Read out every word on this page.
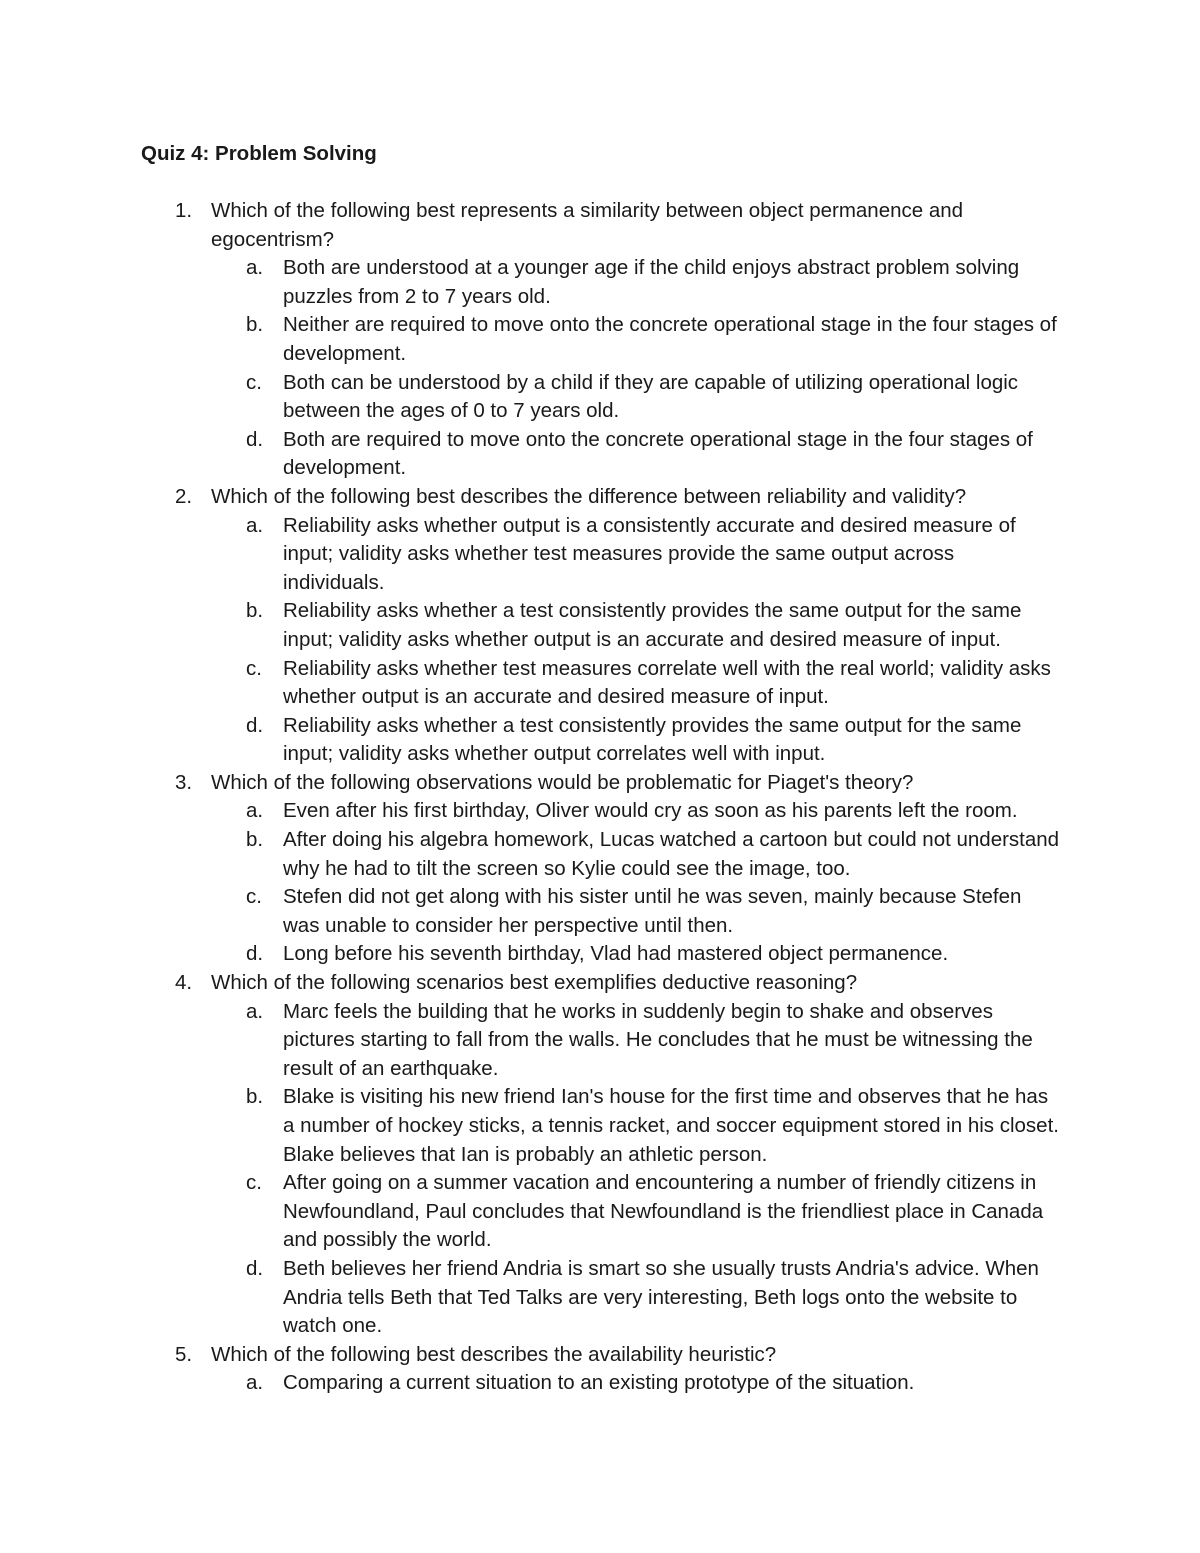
Quiz 4: Problem Solving
1. Which of the following best represents a similarity between object permanence and egocentrism?
a. Both are understood at a younger age if the child enjoys abstract problem solving puzzles from 2 to 7 years old.
b. Neither are required to move onto the concrete operational stage in the four stages of development.
c. Both can be understood by a child if they are capable of utilizing operational logic between the ages of 0 to 7 years old.
d. Both are required to move onto the concrete operational stage in the four stages of development.
2. Which of the following best describes the difference between reliability and validity?
a. Reliability asks whether output is a consistently accurate and desired measure of input; validity asks whether test measures provide the same output across individuals.
b. Reliability asks whether a test consistently provides the same output for the same input; validity asks whether output is an accurate and desired measure of input.
c. Reliability asks whether test measures correlate well with the real world; validity asks whether output is an accurate and desired measure of input.
d. Reliability asks whether a test consistently provides the same output for the same input; validity asks whether output correlates well with input.
3. Which of the following observations would be problematic for Piaget's theory?
a. Even after his first birthday, Oliver would cry as soon as his parents left the room.
b. After doing his algebra homework, Lucas watched a cartoon but could not understand why he had to tilt the screen so Kylie could see the image, too.
c. Stefen did not get along with his sister until he was seven, mainly because Stefen was unable to consider her perspective until then.
d. Long before his seventh birthday, Vlad had mastered object permanence.
4. Which of the following scenarios best exemplifies deductive reasoning?
a. Marc feels the building that he works in suddenly begin to shake and observes pictures starting to fall from the walls. He concludes that he must be witnessing the result of an earthquake.
b. Blake is visiting his new friend Ian's house for the first time and observes that he has a number of hockey sticks, a tennis racket, and soccer equipment stored in his closet. Blake believes that Ian is probably an athletic person.
c. After going on a summer vacation and encountering a number of friendly citizens in Newfoundland, Paul concludes that Newfoundland is the friendliest place in Canada and possibly the world.
d. Beth believes her friend Andria is smart so she usually trusts Andria's advice. When Andria tells Beth that Ted Talks are very interesting, Beth logs onto the website to watch one.
5. Which of the following best describes the availability heuristic?
a. Comparing a current situation to an existing prototype of the situation.
